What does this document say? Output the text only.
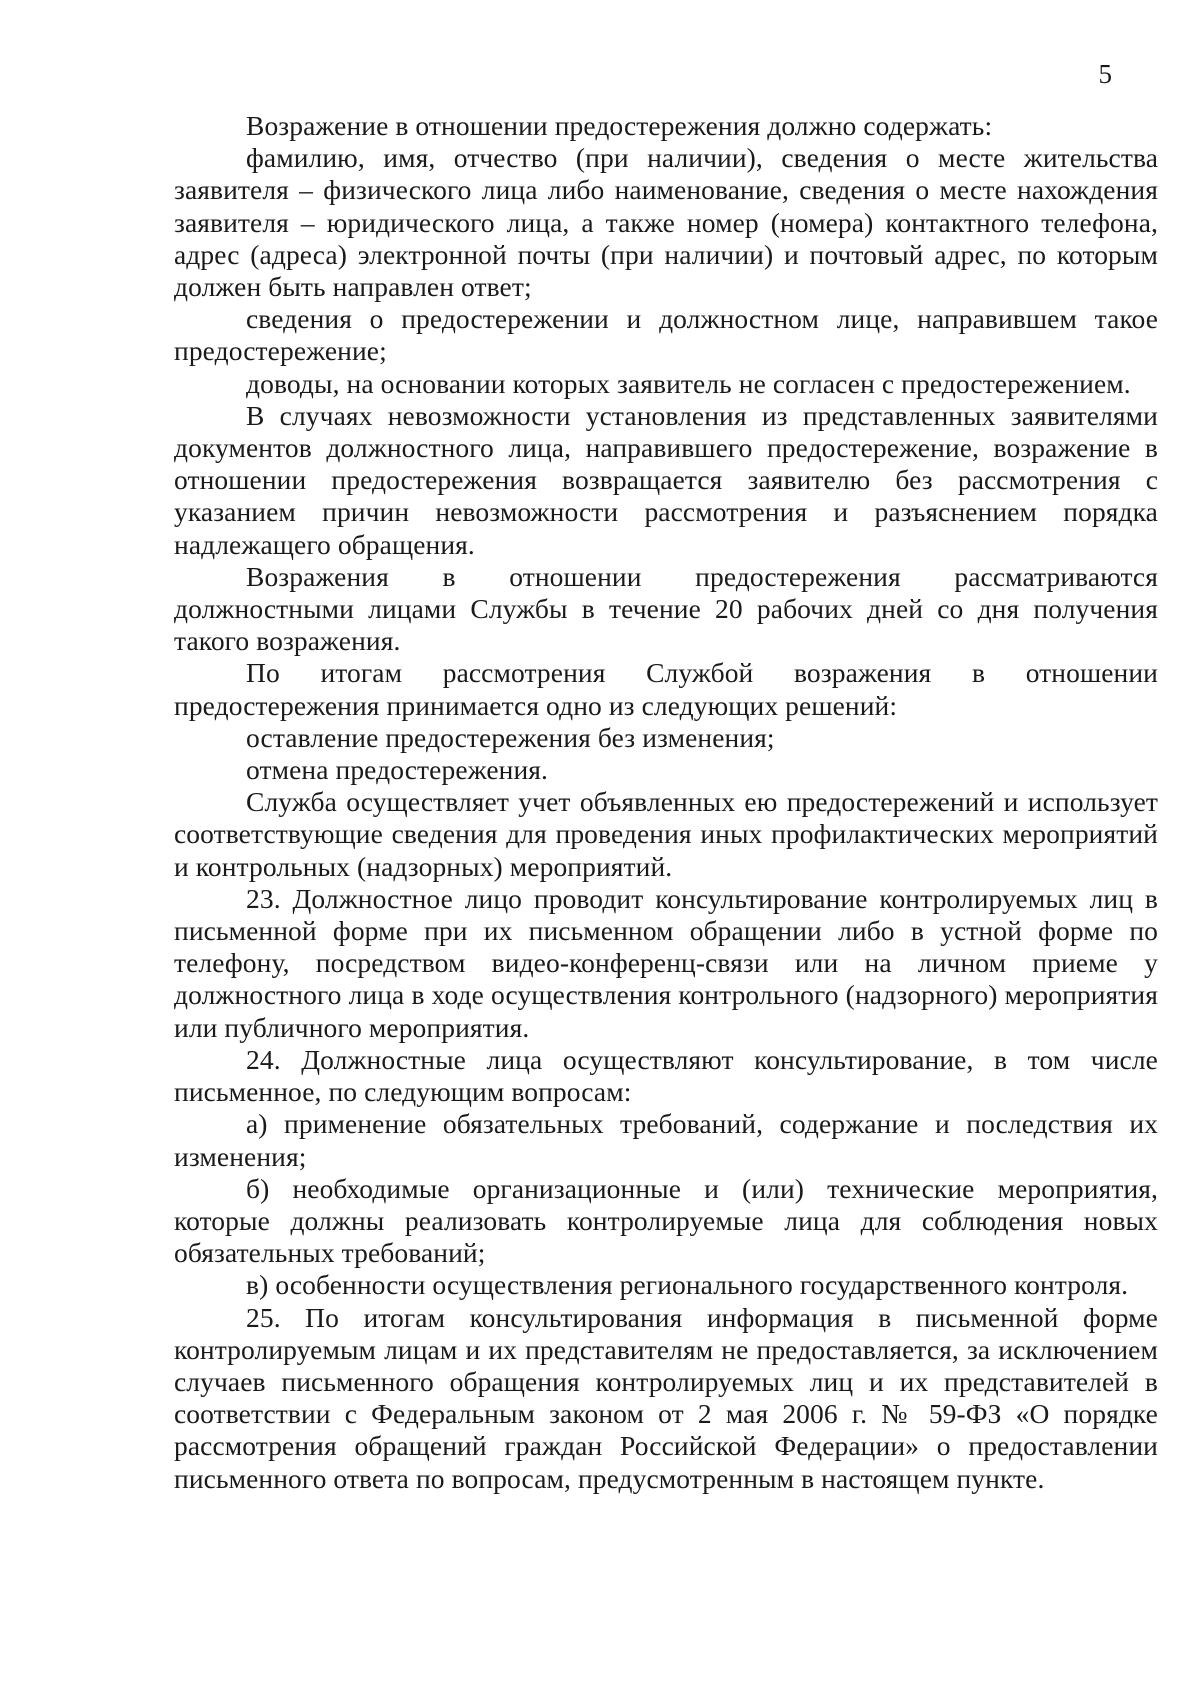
5

Возражение в отношении предостережения должно содержать:

фамилию, имя, отчество (при наличии), сведения о месте жительства заявителя – физического лица либо наименование, сведения о месте нахождения заявителя – юридического лица, а также номер (номера) контактного телефона, адрес (адреса) электронной почты (при наличии) и почтовый адрес, по которым должен быть направлен ответ;

сведения о предостережении и должностном лице, направившем такое предостережение;

доводы, на основании которых заявитель не согласен с предостережением.

В случаях невозможности установления из представленных заявителями документов должностного лица, направившего предостережение, возражение в отношении предостережения возвращается заявителю без рассмотрения с указанием причин невозможности рассмотрения и разъяснением порядка надлежащего обращения.

Возражения в отношении предостережения рассматриваются должностными лицами Службы в течение 20 рабочих дней со дня получения такого возражения.

По итогам рассмотрения Службой возражения в отношении предостережения принимается одно из следующих решений:

оставление предостережения без изменения;

отмена предостережения.

Служба осуществляет учет объявленных ею предостережений и использует соответствующие сведения для проведения иных профилактических мероприятий и контрольных (надзорных) мероприятий.

23. Должностное лицо проводит консультирование контролируемых лиц в письменной форме при их письменном обращении либо в устной форме по телефону, посредством видео-конференц-связи или на личном приеме у должностного лица в ходе осуществления контрольного (надзорного) мероприятия или публичного мероприятия.

24. Должностные лица осуществляют консультирование, в том числе письменное, по следующим вопросам:

а) применение обязательных требований, содержание и последствия их изменения;

б) необходимые организационные и (или) технические мероприятия, которые должны реализовать контролируемые лица для соблюдения новых обязательных требований;

в) особенности осуществления регионального государственного контроля.

25. По итогам консультирования информация в письменной форме контролируемым лицам и их представителям не предоставляется, за исключением случаев письменного обращения контролируемых лиц и их представителей в соответствии с Федеральным законом от 2 мая 2006 г. № 59-ФЗ «О порядке рассмотрения обращений граждан Российской Федерации» о предоставлении письменного ответа по вопросам, предусмотренным в настоящем пункте.
